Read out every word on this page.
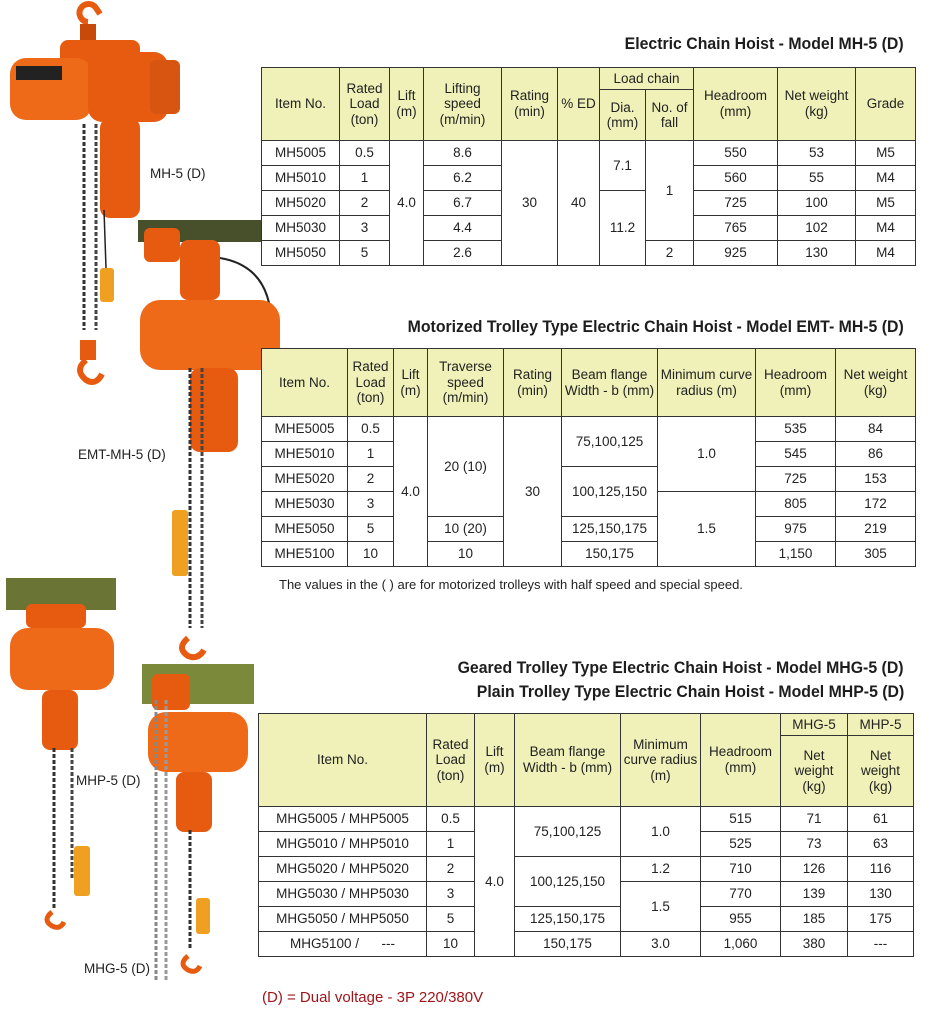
MH-5 (D)
EMT-MH-5 (D)
MHP-5 (D)
MHG-5 (D)
Electric Chain Hoist - Model MH-5 (D)
Item No.	Rated Load (ton)	Lift (m)	Lifting speed (m/min)	Rating (min)	% ED	Load chain		Headroom (mm)	Net weight (kg)	Grade
						Dia. (mm)	No. of fall			
MH5005	0.5	4.0	8.6	30	40	7.1	1	550	53	M5
MH5010	1		6.2					560	55	M4
MH5020	2		6.7			11.2		725	100	M5
MH5030	3		4.4					765	102	M4
MH5050	5		2.6				2	925	130	M4
Motorized Trolley Type Electric Chain Hoist - Model EMT- MH-5 (D)
Item No.	Rated Load (ton)	Lift (m)	Traverse speed (m/min)	Rating (min)	Beam flange Width - b (mm)	Minimum curve radius (m)	Headroom (mm)	Net weight (kg)
MHE5005	0.5	4.0	20 (10)	30	75,100,125	1.0	535	84
MHE5010	1						545	86
MHE5020	2				100,125,150		725	153
MHE5030	3					1.5	805	172
MHE5050	5		10 (20)		125,150,175		975	219
MHE5100	10		10		150,175		1,150	305
The values in the ( ) are for motorized trolleys with half speed and special speed.
Geared Trolley Type Electric Chain Hoist - Model MHG-5 (D)
Plain Trolley Type Electric Chain Hoist - Model MHP-5 (D)
Item No.	Rated Load (ton)	Lift (m)	Beam flange Width - b (mm)	Minimum curve radius (m)	Headroom (mm)	MHG-5	MHP-5
						Net weight (kg)	Net weight (kg)
MHG5005 / MHP5005	0.5	4.0	75,100,125	1.0	515	71	61
MHG5010 / MHP5010	1				525	73	63
MHG5020 / MHP5020	2		100,125,150	1.2	710	126	116
MHG5030 / MHP5030	3			1.5	770	139	130
MHG5050 / MHP5050	5		125,150,175		955	185	175
MHG5100 /      ---	10		150,175	3.0	1,060	380	---
(D) = Dual voltage - 3P 220/380V
